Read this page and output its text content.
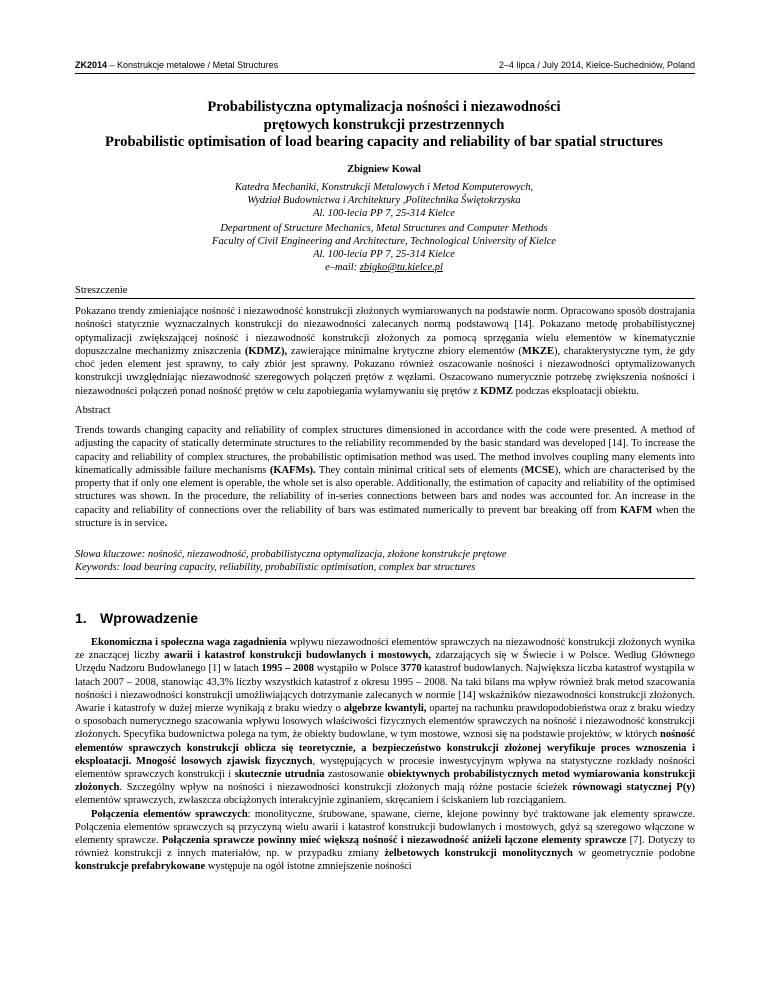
ZK2014 – Konstrukcje metalowe / Metal Structures	2–4 lipca / July 2014, Kielce-Suchedniów, Poland
Probabilistyczna optymalizacja nośności i niezawodności
prętowych konstrukcji przestrzennych
Probabilistic optimisation of load bearing capacity and reliability of bar spatial structures
Zbigniew Kowal
Katedra Mechaniki, Konstrukcji Metalowych i Metod Komputerowych,
Wydział Budownictwa i Architektury ,Politechnika Świętokrzyska
Al. 100-lecia PP 7, 25-314 Kielce
Department of Structure Mechanics, Metal Structures and Computer Methods
Faculty of Civil Engineering and Architecture, Technological University of Kielce
Al. 100-lecia PP 7, 25-314 Kielce
e–mail: zbigko@tu.kielce.pl
Streszczenie
Pokazano trendy zmieniające nośność i niezawodność konstrukcji złożonych wymiarowanych na podstawie norm. Opracowano sposób dostrajania nośności statycznie wyznaczalnych konstrukcji do niezawodności zalecanych normą podstawową [14]. Pokazano metodę probabilistycznej optymalizacji zwiększającej nośność i niezawodność konstrukcji złożonych za pomocą sprzęgania wielu elementów w kinematycznie dopuszczalne mechanizmy zniszczenia (KDMZ), zawierające minimalne krytyczne zbiory elementów (MKZE), charakterystyczne tym, że gdy choć jeden element jest sprawny, to cały zbiór jest sprawny. Pokazano również oszacowanie nośności i niezawodności optymalizowanych konstrukcji uwzględniając niezawodność szeregowych połączeń prętów z węzłami. Oszacowano numerycznie potrzebę zwiększenia nośności i niezawodności połączeń ponad nośność prętów w celu zapobiegania wyłamywaniu się prętów z KDMZ podczas eksploatacji obiektu.
Abstract
Trends towards changing capacity and reliability of complex structures dimensioned in accordance with the code were presented. A method of adjusting the capacity of statically determinate structures to the reliability recommended by the basic standard was developed [14]. To increase the capacity and reliability of complex structures, the probabilistic optimisation method was used. The method involves coupling many elements into kinematically admissible failure mechanisms (KAFMs). They contain minimal critical sets of elements (MCSE), which are characterised by the property that if only one element is operable, the whole set is also operable. Additionally, the estimation of capacity and reliability of the optimised structures was shown. In the procedure, the reliability of in-series connections between bars and nodes was accounted for. An increase in the capacity and reliability of connections over the reliability of bars was estimated numerically to prevent bar breaking off from KAFM when the structure is in service.
Słowa kluczowe: nośność, niezawodność, probabilistyczna optymalizacja, złożone konstrukcje prętowe
Keywords: load bearing capacity, reliability, probabilistic optimisation, complex bar structures
1. Wprowadzenie

Ekonomiczna i społeczna waga zagadnienia wpływu niezawodności elementów sprawczych na niezawodność konstrukcji złożonych wynika ze znaczącej liczby awarii i katastrof konstrukcji budowlanych i mostowych, zdarzających się w Świecie i w Polsce. Według Głównego Urzędu Nadzoru Budowlanego [1] w latach 1995 – 2008 wystąpiło w Polsce 3770 katastrof budowlanych. Największa liczba katastrof wystąpiła w latach 2007 – 2008, stanowiąc 43,3% liczby wszystkich katastrof z okresu 1995 – 2008. Na taki bilans ma wpływ również brak metod szacowania nośności i niezawodności konstrukcji umożliwiających dotrzymanie zalecanych w normie [14] wskaźników niezawodności konstrukcji złożonych. Awarie i katastrofy w dużej mierze wynikają z braku wiedzy o algebrze kwantyli, opartej na rachunku prawdopodobieństwa oraz z braku wiedzy o sposobach numerycznego szacowania wpływu losowych właściwości fizycznych elementów sprawczych na nośność i niezawodność konstrukcji złożonych. Specyfika budownictwa polega na tym, że obiekty budowlane, w tym mostowe, wznosi się na podstawie projektów, w których nośność elementów sprawczych konstrukcji oblicza się teoretycznie, a bezpieczeństwo konstrukcji złożonej weryfikuje proces wznoszenia i eksploatacji. Mnogość losowych zjawisk fizycznych, występujących w procesie inwestycyjnym wpływa na statystyczne rozkłady nośności elementów sprawczych konstrukcji i skutecznie utrudnia zastosowanie obiektywnych probabilistycznych metod wymiarowania konstrukcji złożonych. Szczególny wpływ na nośności i niezawodności konstrukcji złożonych mają różne postacie ścieżek równowagi statycznej P(y) elementów sprawczych, zwłaszcza obciążonych interakcyjnie zginaniem, skręcaniem i ściskaniem lub rozciąganiem.

Połączenia elementów sprawczych: monolityczne, śrubowane, spawane, cierne, klejone powinny być traktowane jak elementy sprawcze. Połączenia elementów sprawczych są przyczyną wielu awarii i katastrof konstrukcji budowlanych i mostowych, gdyż są szeregowo włączone w elementy sprawcze. Połączenia sprawcze powinny mieć większą nośność i niezawodność aniżeli łączone elementy sprawcze [7]. Dotyczy to również konstrukcji z innych materiałów, np. w przypadku zmiany żelbetowych konstrukcji monolitycznych w geometrycznie podobne konstrukcje prefabrykowane występuje na ogół istotne zmniejszenie nośności
